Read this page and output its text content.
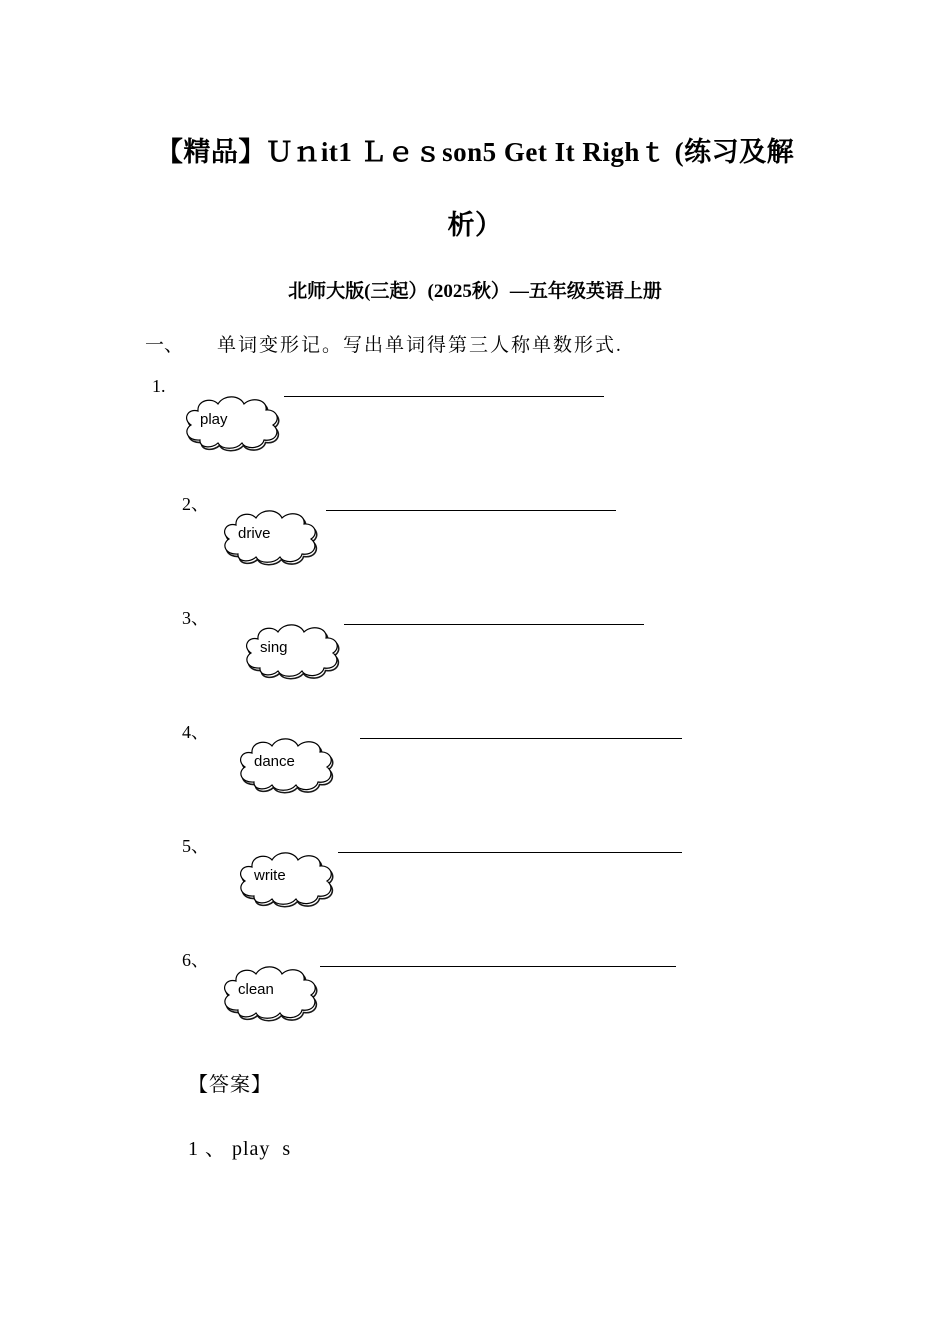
【精品】Ｕｎit1 Ｌｅｓson5 Get It Righｔ (练习及解
析）
北师大版(三起）(2025秋）—五年级英语上册
一、 单词变形记。写出单词得第三人称单数形式.
1.
play
2、
drive
3、
sing
4、
dance
5、
write
6、
clean
【答案】
1 、 play  s
